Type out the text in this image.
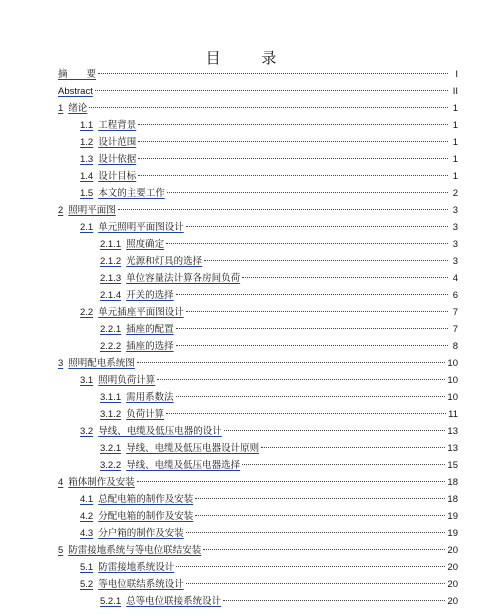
目 录
摘　　要	I
Abstract	II
1 绪论	1
1.1 工程背景	1
1.2 设计范围	1
1.3 设计依据	1
1.4 设计目标	1
1.5 本文的主要工作	2
2 照明平面图	3
2.1 单元照明平面图设计	3
2.1.1 照度确定	3
2.1.2 光源和灯具的选择	3
2.1.3 单位容量法计算各房间负荷	4
2.1.4 开关的选择	6
2.2 单元插座平面图设计	7
2.2.1 插座的配置	7
2.2.2 插座的选择	8
3 照明配电系统图	10
3.1 照明负荷计算	10
3.1.1 需用系数法	10
3.1.2 负荷计算	11
3.2 导线、电缆及低压电器的设计	13
3.2.1 导线、电缆及低压电器设计原则	13
3.2.2 导线、电缆及低压电器选择	15
4 箱体制作及安装	18
4.1 总配电箱的制作及安装	18
4.2 分配电箱的制作及安装	19
4.3 分户箱的制作及安装	19
5 防雷接地系统与等电位联结安装	20
5.1 防雷接地系统设计	20
5.2 等电位联结系统设计	20
5.2.1 总等电位联接系统设计	20
